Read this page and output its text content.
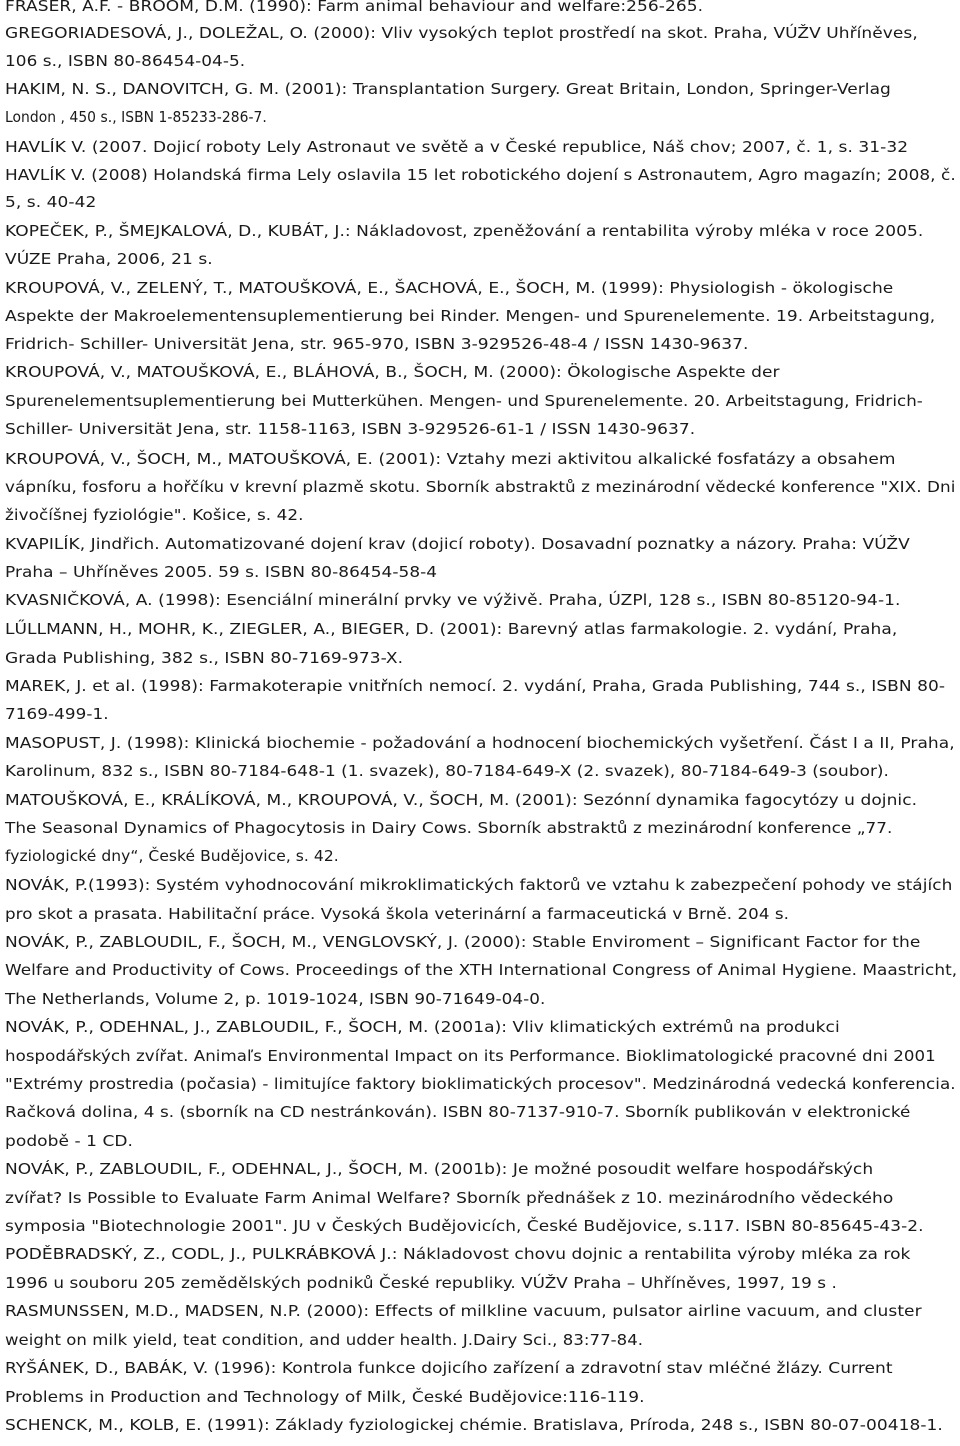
FRASER, A.F. - BROOM, D.M. (1990): Farm animal behaviour and welfare:256-265.
GREGORIADESOVÁ, J., DOLEŽAL, O. (2000): Vliv vysokých teplot prostředí na skot. Praha, VÚŽV Uhříněves,
106 s., ISBN 80-86454-04-5.
HAKIM, N. S., DANOVITCH, G. M. (2001): Transplantation Surgery. Great Britain, London, Springer-Verlag
London , 450 s., ISBN 1-85233-286-7.
HAVLÍK V. (2007. Dojicí roboty Lely Astronaut ve světě a v České republice, Náš chov; 2007, č. 1, s. 31-32
HAVLÍK V. (2008) Holandská firma Lely oslavila 15 let robotického dojení s Astronautem, Agro magazín; 2008, č.
5, s. 40-42
KOPEČEK, P., ŠMEJKALOVÁ, D., KUBÁT, J.: Nákladovost, zpeněžování a rentabilita výroby mléka v roce 2005.
VÚZE Praha, 2006, 21 s.
KROUPOVÁ, V., ZELENÝ, T., MATOUŠKOVÁ, E., ŠACHOVÁ, E., ŠOCH, M. (1999): Physiologish - ökologische
Aspekte der Makroelementensuplementierung bei Rinder. Mengen- und Spurenelemente. 19. Arbeitstagung,
Fridrich- Schiller- Universität Jena, str. 965-970, ISBN 3-929526-48-4 / ISSN 1430-9637.
KROUPOVÁ, V., MATOUŠKOVÁ, E., BLÁHOVÁ, B., ŠOCH, M. (2000): Ökologische Aspekte der
Spurenelementsuplementierung bei Mutterkühen. Mengen- und Spurenelemente. 20. Arbeitstagung, Fridrich-
Schiller- Universität Jena, str. 1158-1163, ISBN 3-929526-61-1 / ISSN 1430-9637.
KROUPOVÁ, V., ŠOCH, M., MATOUŠKOVÁ, E. (2001): Vztahy mezi aktivitou alkalické fosfatázy a obsahem
vápníku, fosforu a hořčíku v krevní plazmě skotu. Sborník abstraktů z mezinárodní vědecké konference "XIX. Dni
živočíšnej fyziológie". Košice, s. 42.
KVAPILÍK, Jindřich. Automatizované dojení krav (dojicí roboty). Dosavadní poznatky a názory. Praha: VÚŽV
Praha – Uhříněves 2005. 59 s. ISBN 80-86454-58-4
KVASNIČKOVÁ, A. (1998): Esenciální minerální prvky ve výživě. Praha, ÚZPl, 128 s., ISBN 80-85120-94-1.
LŰLLMANN, H., MOHR, K., ZIEGLER, A., BIEGER, D. (2001): Barevný atlas farmakologie. 2. vydání, Praha,
Grada Publishing, 382 s., ISBN 80-7169-973-X.
MAREK, J. et al. (1998): Farmakoterapie vnitřních nemocí. 2. vydání, Praha, Grada Publishing, 744 s., ISBN 80-
7169-499-1.
MASOPUST, J. (1998): Klinická biochemie - požadování a hodnocení biochemických vyšetření. Část I a II, Praha,
Karolinum, 832 s., ISBN 80-7184-648-1 (1. svazek), 80-7184-649-X (2. svazek), 80-7184-649-3 (soubor).
MATOUŠKOVÁ, E., KRÁLÍKOVÁ, M., KROUPOVÁ, V., ŠOCH, M. (2001): Sezónní dynamika fagocytózy u dojnic.
The Seasonal Dynamics of Phagocytosis in Dairy Cows. Sborník abstraktů z mezinárodní konference „77.
fyziologické dny“, České Budějovice, s. 42.
NOVÁK, P.(1993): Systém vyhodnocování mikroklimatických faktorů ve vztahu k zabezpečení pohody ve stájích
pro skot a prasata. Habilitační práce. Vysoká škola veterinární a farmaceutická v Brně. 204 s.
NOVÁK, P., ZABLOUDIL, F., ŠOCH, M., VENGLOVSKÝ, J. (2000): Stable Enviroment – Significant Factor for the
Welfare and Productivity of Cows. Proceedings of the XTH International Congress of Animal Hygiene. Maastricht,
The Netherlands, Volume 2, p. 1019-1024, ISBN 90-71649-04-0.
NOVÁK, P., ODEHNAL, J., ZABLOUDIL, F., ŠOCH, M. (2001a): Vliv klimatických extrémů na produkci
hospodářských zvířat. Animaľs Environmental Impact on its Performance. Bioklimatologické pracovné dni 2001
"Extrémy prostredia (počasia) - limitujíce faktory bioklimatických procesov". Medzinárodná vedecká konferencia.
Račková dolina, 4 s. (sborník na CD nestránkován). ISBN 80-7137-910-7. Sborník publikován v elektronické
podobě - 1 CD.
NOVÁK, P., ZABLOUDIL, F., ODEHNAL, J., ŠOCH, M. (2001b): Je možné posoudit welfare hospodářských
zvířat? Is Possible to Evaluate Farm Animal Welfare? Sborník přednášek z 10. mezinárodního vědeckého
symposia "Biotechnologie 2001". JU v Českých Budějovicích, České Budějovice, s.117. ISBN 80-85645-43-2.
PODĚBRADSKÝ, Z., CODL, J., PULKRÁBKOVÁ J.: Nákladovost chovu dojnic a rentabilita výroby mléka za rok
1996 u souboru 205 zemědělských podniků České republiky. VÚŽV Praha – Uhříněves, 1997, 19 s .
RASMUNSSEN, M.D., MADSEN, N.P. (2000): Effects of milkline vacuum, pulsator airline vacuum, and cluster
weight on milk yield, teat condition, and udder health. J.Dairy Sci., 83:77-84.
RYŠÁNEK, D., BABÁK, V. (1996): Kontrola funkce dojicího zařízení a zdravotní stav mléčné žlázy. Current
Problems in Production and Technology of Milk, České Budějovice:116-119.
SCHENCK, M., KOLB, E. (1991): Základy fyziologickej chémie. Bratislava, Príroda, 248 s., ISBN 80-07-00418-1.
